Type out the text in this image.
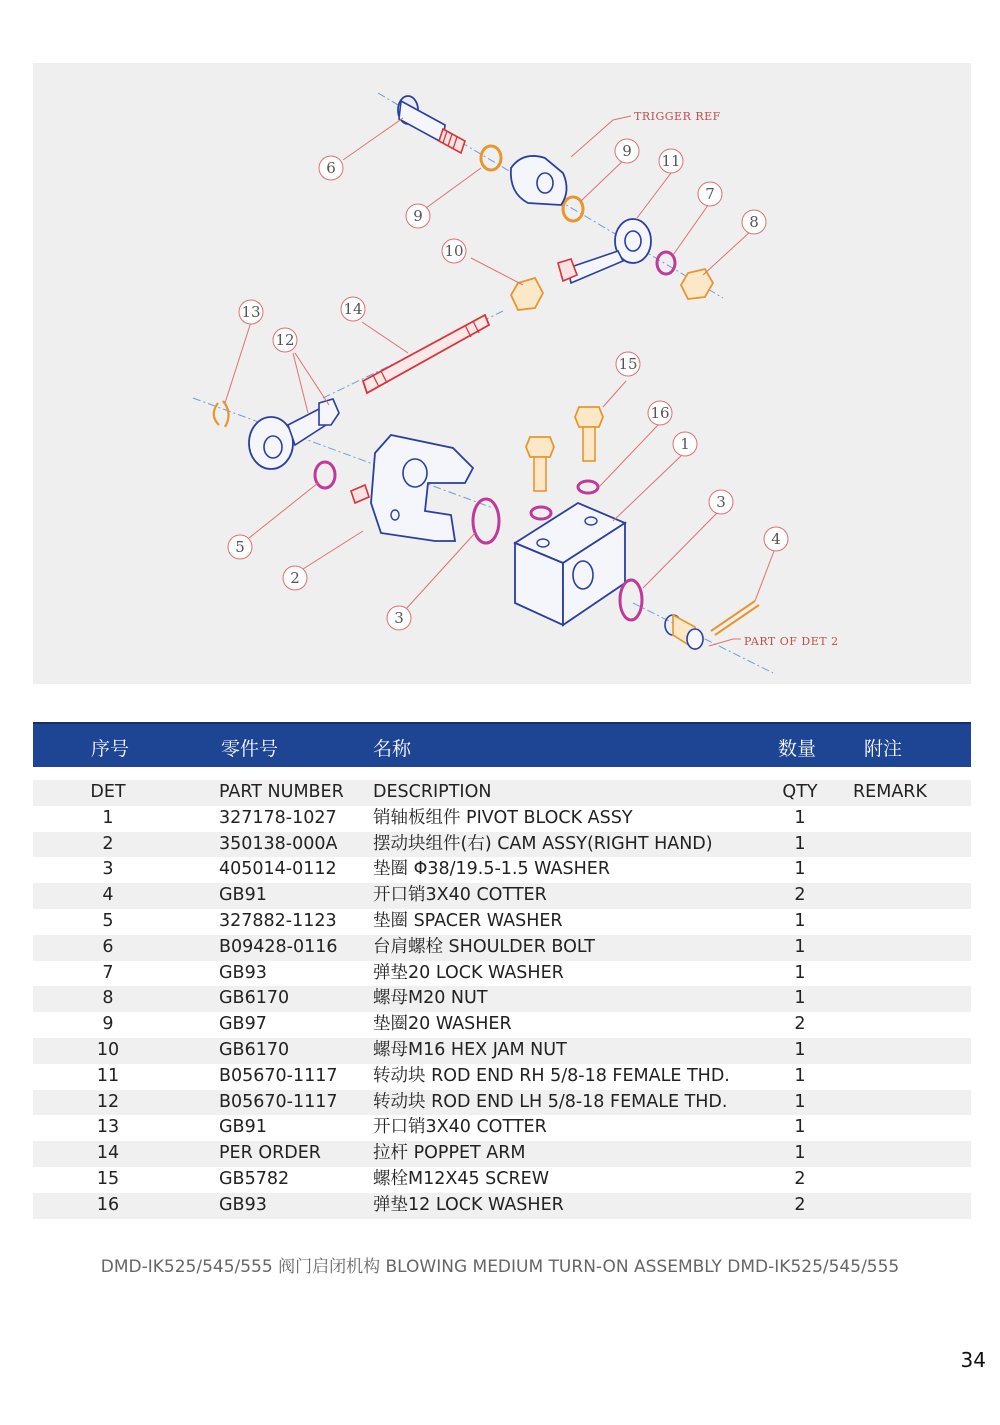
6
9
9
11
7
8
10
14
13
12
15
16
1
3
4
5
2
3
TRIGGER REF
PART OF DET 2
序号	零件号	名称	数量	附注
DET	PART NUMBER DESCRIPTION	QTY	REMARK
1	327178-1027 销轴板组件 PIVOT BLOCK ASSY	1
2	350138-000A 摆动块组件(右) CAM ASSY(RIGHT HAND)	1
3	405014-0112 垫圈 Φ38/19.5-1.5 WASHER	1
4	GB91	开口销3X40 COTTER	2
5	327882-1123 垫圈 SPACER WASHER	1
6	B09428-0116 台肩螺栓 SHOULDER BOLT	1
7	GB93	弹垫20 LOCK WASHER	1
8	GB6170	螺母M20 NUT	1
9	GB97	垫圈20 WASHER	2
10	GB6170	螺母M16 HEX JAM NUT	1
11	B05670-1117 转动块 ROD END RH 5/8-18 FEMALE THD.	1
12	B05670-1117 转动块 ROD END LH 5/8-18 FEMALE THD.	1
13	GB91	开口销3X40 COTTER	1
14	PER ORDER	拉杆 POPPET ARM	1
15	GB5782	螺栓M12X45 SCREW	2
16	GB93	弹垫12 LOCK WASHER	2
DMD-IK525/545/555 阀门启闭机构 BLOWING MEDIUM TURN-ON ASSEMBLY DMD-IK525/545/555
34
